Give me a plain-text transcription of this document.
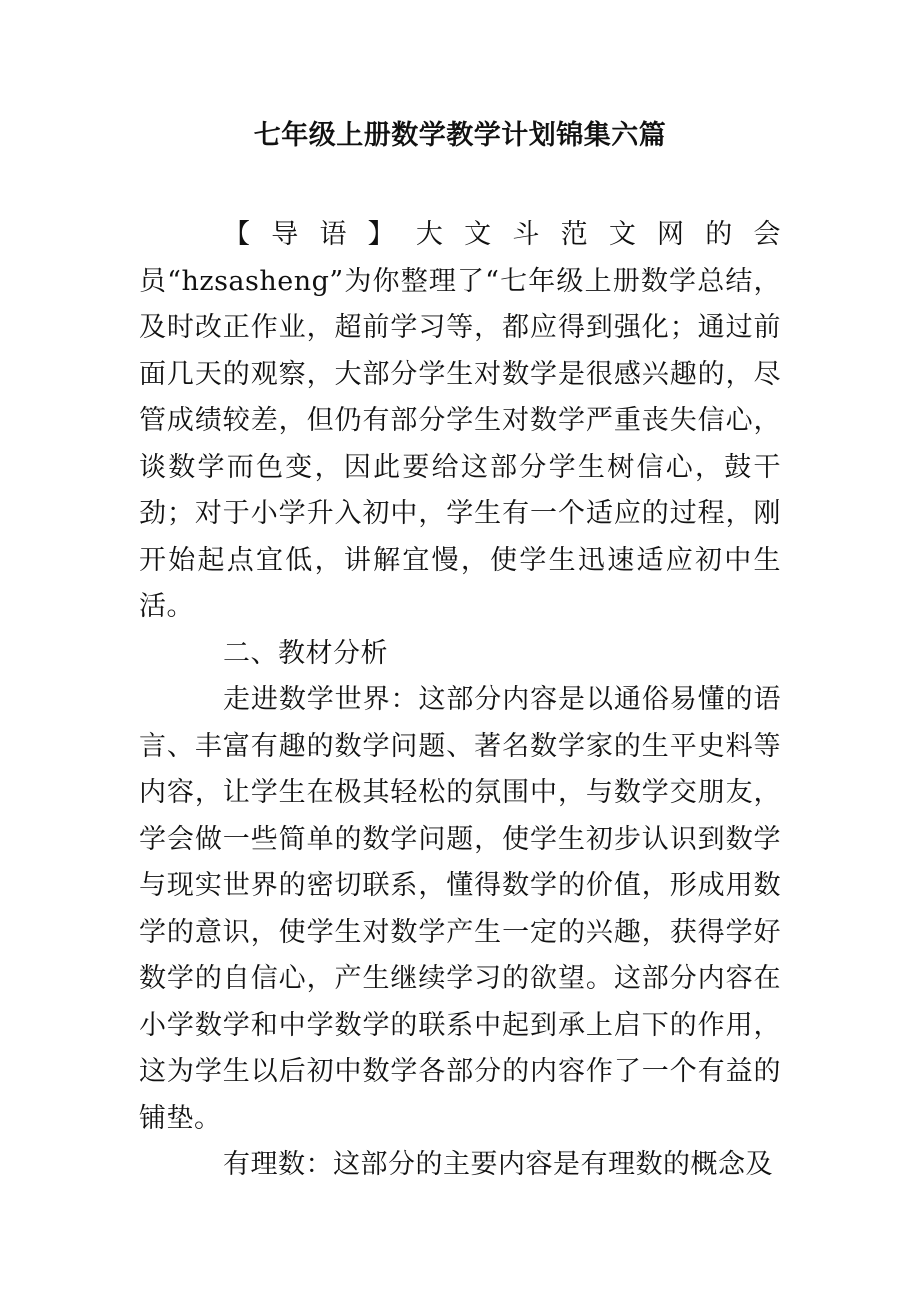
七年级上册数学教学计划锦集六篇

【导语】大文斗范文网的会员“hzsasheng”为你整理了“七年级上册数学总结，及时改正作业，超前学习等，都应得到强化；通过前面几天的观察，大部分学生对数学是很感兴趣的，尽管成绩较差，但仍有部分学生对数学严重丧失信心，谈数学而色变，因此要给这部分学生树信心，鼓干劲；对于小学升入初中，学生有一个适应的过程，刚开始起点宜低，讲解宜慢，使学生迅速适应初中生活。

二、教材分析

走进数学世界：这部分内容是以通俗易懂的语言、丰富有趣的数学问题、著名数学家的生平史料等内容，让学生在极其轻松的氛围中，与数学交朋友，学会做一些简单的数学问题，使学生初步认识到数学与现实世界的密切联系，懂得数学的价值，形成用数学的意识，使学生对数学产生一定的兴趣，获得学好数学的自信心，产生继续学习的欲望。这部分内容在小学数学和中学数学的联系中起到承上启下的作用，这为学生以后初中数学各部分的内容作了一个有益的铺垫。

有理数：这部分的主要内容是有理数的概念及
